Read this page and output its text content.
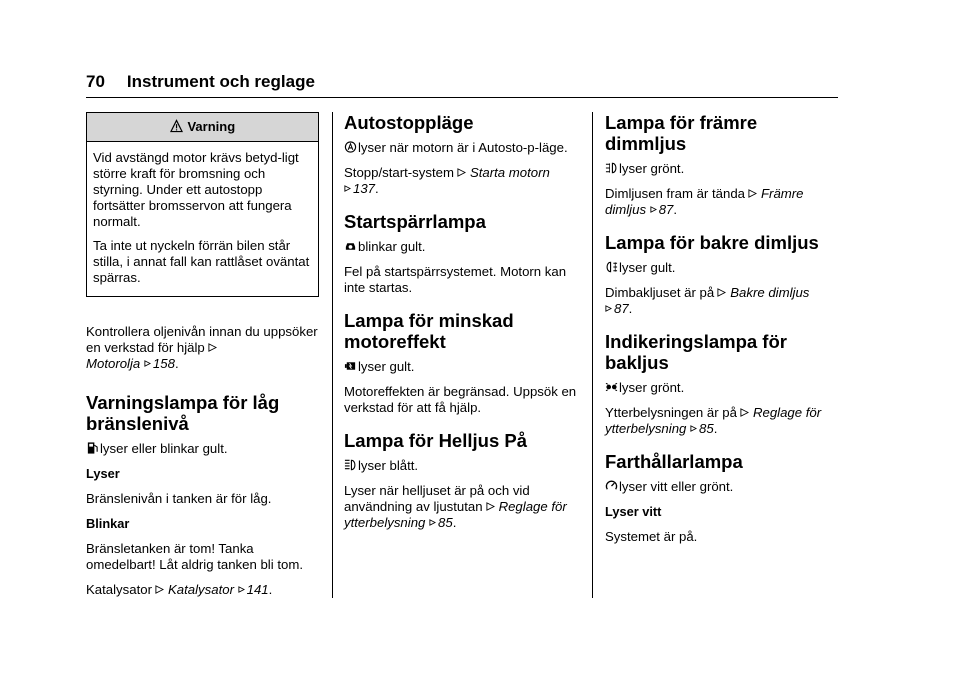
70 Instrument och reglage
Varning

Vid avstängd motor krävs betyd-ligt större kraft för bromsning och styrning. Under ett autostopp fortsätter bromsservon att fungera normalt.

Ta inte ut nyckeln förrän bilen står stilla, i annat fall kan rattlåset oväntat spärras.

Kontrollera oljenivån innan du uppsöker en verkstad för hjälp

Motorolja 158.

Varningslampa för låg bränslenivå

lyser eller blinkar gult.

Lyser

Bränslenivån i tanken är för låg.

Blinkar

Bränsletanken är tom! Tanka omedelbart! Låt aldrig tanken bli tom.

Katalysator Katalysator 141.

Autostoppläge

lyser när motorn är i Autosto-p-läge.

Stopp/start-system Starta motorn

137.

Startspärrlampa

blinkar gult.

Fel på startspärrsystemet. Motorn kan inte startas.

Lampa för minskad motoreffekt

lyser gult.

Motoreffekten är begränsad. Uppsök en verkstad för att få hjälp.

Lampa för Helljus På

lyser blått.

Lyser när helljuset är på och vid användning av ljustutan Reglage för ytterbelysning 85.

Lampa för främre dimmljus

lyser grönt.

Dimljusen fram är tända Främre dimljus 87.

Lampa för bakre dimljus

lyser gult.

Dimbakljuset är på Bakre dimljus

87.

Indikeringslampa för bakljus

lyser grönt.

Ytterbelysningen är på Reglage för ytterbelysning 85.

Farthållarlampa

lyser vitt eller grönt.

Lyser vitt

Systemet är på.
